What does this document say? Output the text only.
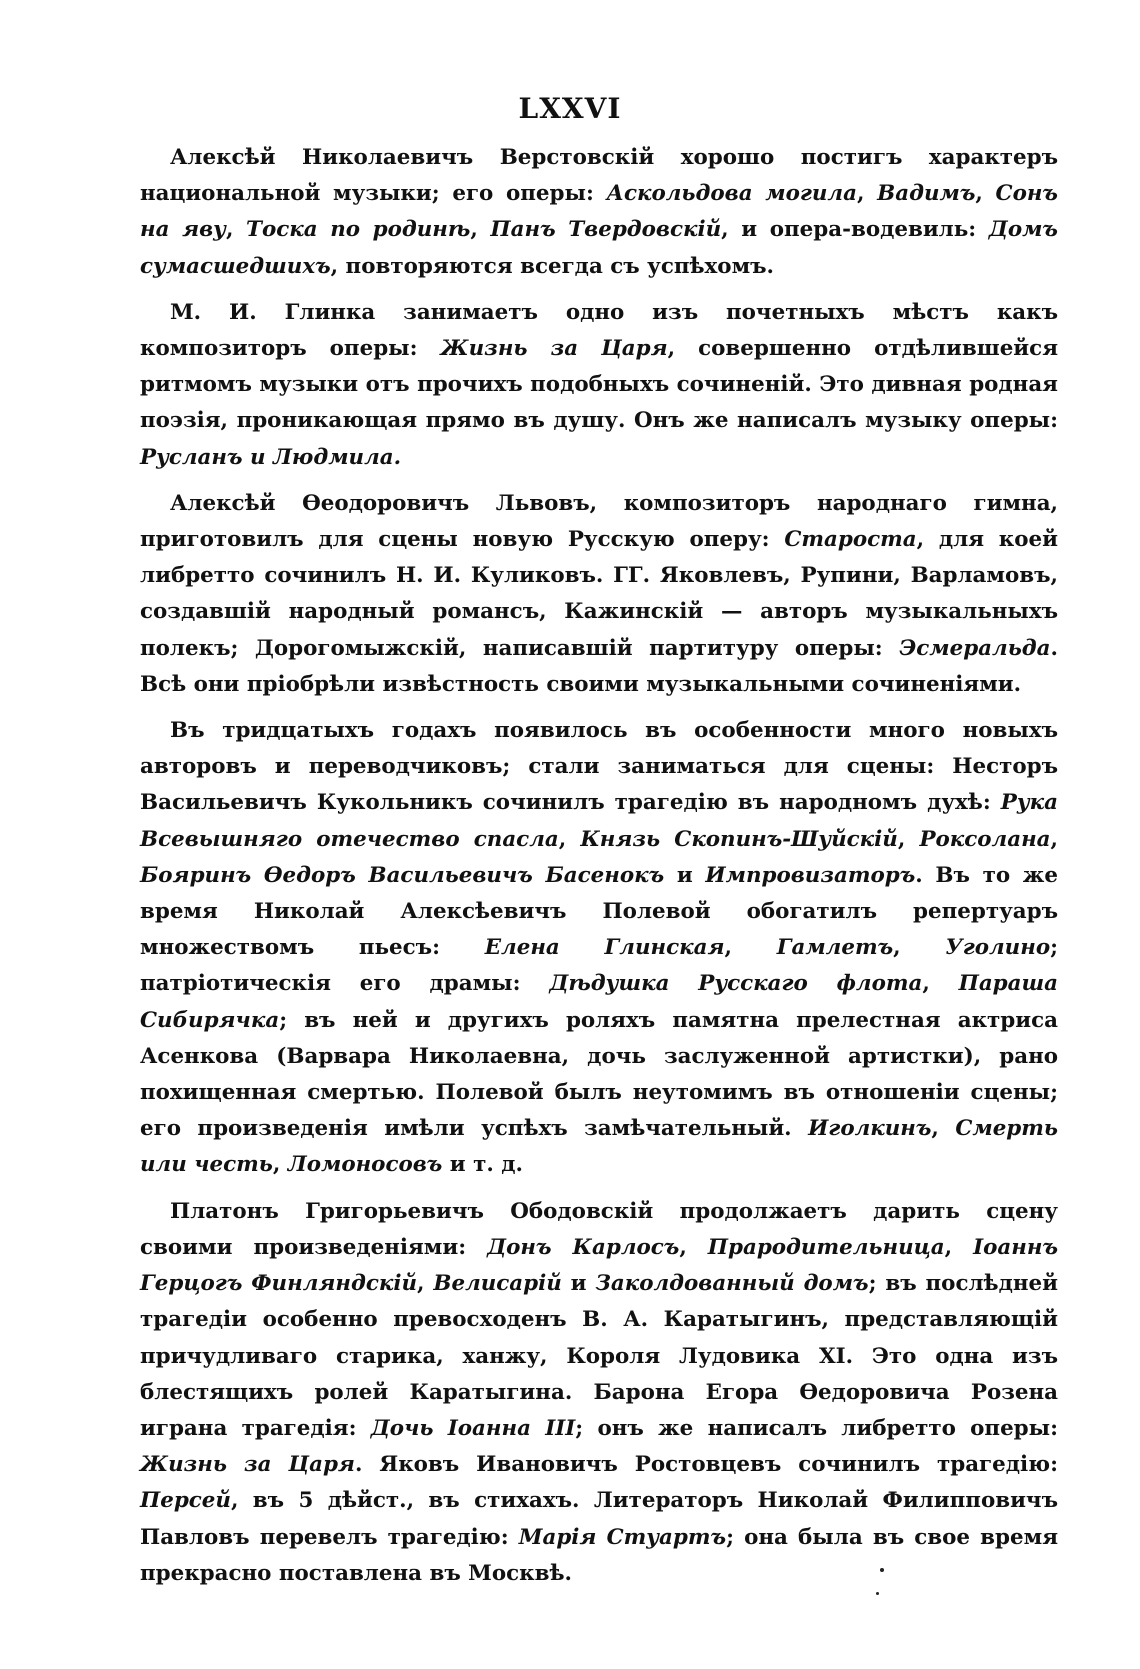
LXXVI

Алексѣй Николаевичъ Верстовскій хорошо постигъ характеръ национальной музыки; его оперы: Аскольдова могила, Вадимъ, Сонъ на яву, Тоска по родинѣ, Панъ Твердовскій, и опера-водевиль: Домъ сумасшедшихъ, повторяются всегда съ успѣхомъ.

М. И. Глинка занимаетъ одно изъ почетныхъ мѣстъ какъ композиторъ оперы: Жизнь за Царя, совершенно отдѣлившейся ритмомъ музыки отъ прочихъ подобныхъ сочиненій. Это дивная родная поэзія, проникающая прямо въ душу. Онъ же написалъ музыку оперы: Русланъ и Людмила.

Алексѣй Ѳеодоровичъ Львовъ, композиторъ народнаго гимна, приготовилъ для сцены новую Русскую оперу: Староста, для коей либретто сочинилъ Н. И. Куликовъ. ГГ. Яковлевъ, Рупини, Варламовъ, создавшій народный романсъ, Кажинскій — авторъ музыкальныхъ полекъ; Дорогомыжскій, написавшій партитуру оперы: Эсмеральда. Всѣ они пріобрѣли извѣстность своими музыкальными сочиненіями.

Въ тридцатыхъ годахъ появилось въ особенности много новыхъ авторовъ и переводчиковъ; стали заниматься для сцены: Несторъ Васильевичъ Кукольникъ сочинилъ трагедію въ народномъ духѣ: Рука Всевышняго отечество спасла, Князь Скопинъ-Шуйскій, Роксолана, Бояринъ Ѳедоръ Васильевичъ Басенокъ и Импровизаторъ. Въ то же время Николай Алексѣевичъ Полевой обогатилъ репертуаръ множествомъ пьесъ: Елена Глинская, Гамлетъ, Уголино; патріотическія его драмы: Дѣдушка Русскаго флота, Параша Сибирячка; въ ней и другихъ роляхъ памятна прелестная актриса Асенкова (Варвара Николаевна, дочь заслуженной артистки), рано похищенная смертью. Полевой былъ неутомимъ въ отношеніи сцены; его произведенія имѣли успѣхъ замѣчательный. Иголкинъ, Смерть или честь, Ломоносовъ и т. д.

Платонъ Григорьевичъ Ободовскій продолжаетъ дарить сцену своими произведеніями: Донъ Карлосъ, Прародительница, Іоаннъ Герцогъ Финляндскій, Велисарій и Заколдованный домъ; въ послѣдней трагедіи особенно превосходенъ В. А. Каратыгинъ, представляющій причудливаго старика, ханжу, Короля Лудовика XI. Это одна изъ блестящихъ ролей Каратыгина. Барона Егора Ѳедоровича Розена играна трагедія: Дочь Іоанна III; онъ же написалъ либретто оперы: Жизнь за Царя. Яковъ Ивановичъ Ростовцевъ сочинилъ трагедію: Персей, въ 5 дѣйст., въ стихахъ. Литераторъ Николай Филипповичъ Павловъ перевелъ трагедію: Марія Стуартъ; она была въ свое время прекрасно поставлена въ Москвѣ.
